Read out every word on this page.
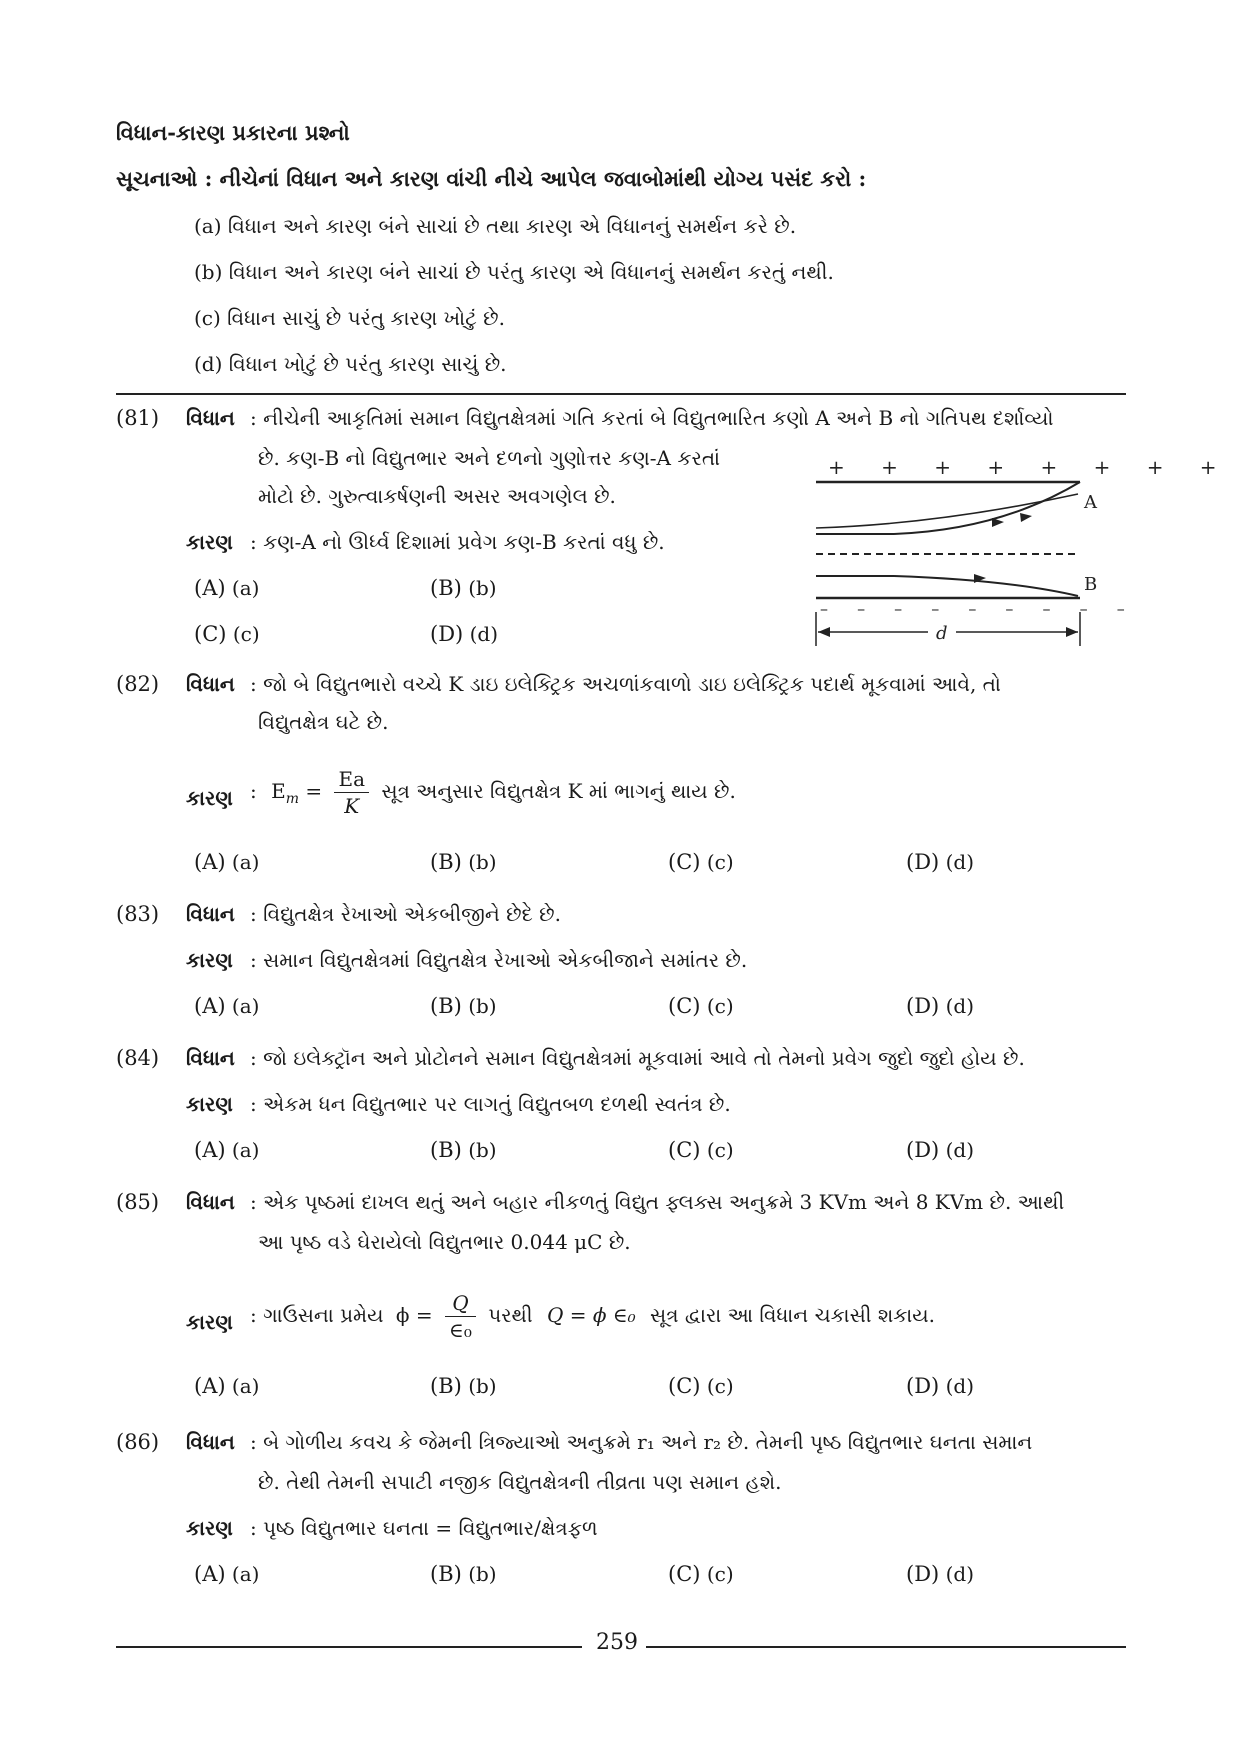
વિધાન-કારણ પ્રકારના પ્રશ્નો
સૂચનાઓ : નીચેનાં વિધાન અને કારણ વાંચી નીચે આપેલ જવાબોમાંથી યોગ્ય પસંદ કરો :
(a) વિધાન અને કારણ બંને સાચાં છે તથા કારણ એ વિધાનનું સમર્થન કરે છે.
(b) વિધાન અને કારણ બંને સાચાં છે પરંતુ કારણ એ વિધાનનું સમર્થન કરતું નથી.
(c) વિધાન સાચું છે પરંતુ કારણ ખોટું છે.
(d) વિધાન ખોટું છે પરંતુ કારણ સાચું છે.
(81) વિધાન : નીચેની આકૃતિમાં સમાન વિદ્યુતક્ષેત્રમાં ગતિ કરતાં બે વિદ્યુતભારિત કણો A અને B નો ગતિપથ દર્શાવ્યો
છે. કણ-B નો વિદ્યુતભાર અને દળનો ગુણોત્તર કણ-A કરતાં
મોટો છે. ગુરુત્વાકર્ષણની અસર અવગણેલ છે.
કારણ : કણ-A નો ઊર્ધ્વ દિશામાં પ્રવેગ કણ-B કરતાં વધુ છે.
(A) (a)	(B) (b)
(C) (c)	(D) (d)
+ + + + + + + +
A
B
– – – – – – – – –
d
(82) વિધાન : જો બે વિદ્યુતભારો વચ્ચે K ડાઇ ઇલેક્ટ્રિક અચળાંકવાળો ડાઇ ઇલેક્ટ્રિક પદાર્થ મૂકવામાં આવે, તો
વિદ્યુતક્ષેત્ર ઘટે છે.
કારણ : $E_m = \frac{Ea}{K}$ સૂત્ર અનુસાર વિદ્યુતક્ષેત્ર K માં ભાગનું થાય છે.
(A) (a)	(B) (b)	(C) (c)	(D) (d)
(83) વિધાન : વિદ્યુતક્ષેત્ર રેખાઓ એકબીજીને છેદે છે.
કારણ : સમાન વિદ્યુતક્ષેત્રમાં વિદ્યુતક્ષેત્ર રેખાઓ એકબીજાને સમાંતર છે.
(A) (a)	(B) (b)	(C) (c)	(D) (d)
(84) વિધાન : જો ઇલેક્ટ્રૉન અને પ્રોટોનને સમાન વિદ્યુતક્ષેત્રમાં મૂકવામાં આવે તો તેમનો પ્રવેગ જુદો જુદો હોય છે.
કારણ : એકમ ધન વિદ્યુતભાર પર લાગતું વિદ્યુતબળ દળથી સ્વતંત્ર છે.
(A) (a)	(B) (b)	(C) (c)	(D) (d)
(85) વિધાન : એક પૃષ્ઠમાં દાખલ થતું અને બહાર નીકળતું વિદ્યુત ફ્લક્સ અનુક્રમે 3 KVm અને 8 KVm છે. આથી
આ પૃષ્ઠ વડે ઘેરાયેલો વિદ્યુતભાર 0.044 μC છે.
કારણ : ગાઉસના પ્રમેય $\phi = \frac{Q}{\text{∈₀}}$ પરથી Q = ϕ ∈₀ સૂત્ર દ્વારા આ વિધાન ચકાસી શકાય.
(A) (a)	(B) (b)	(C) (c)	(D) (d)
(86) વિધાન : બે ગોળીય કવચ કે જેમની ત્રિજ્યાઓ અનુક્રમે r₁ અને r₂ છે. તેમની પૃષ્ઠ વિદ્યુતભાર ઘનતા સમાન
છે. તેથી તેમની સપાટી નજીક વિદ્યુતક્ષેત્રની તીવ્રતા પણ સમાન હશે.
કારણ : પૃષ્ઠ વિદ્યુતભાર ઘનતા = વિદ્યુતભાર/ક્ષેત્રફળ
(A) (a)	(B) (b)	(C) (c)	(D) (d)
259
